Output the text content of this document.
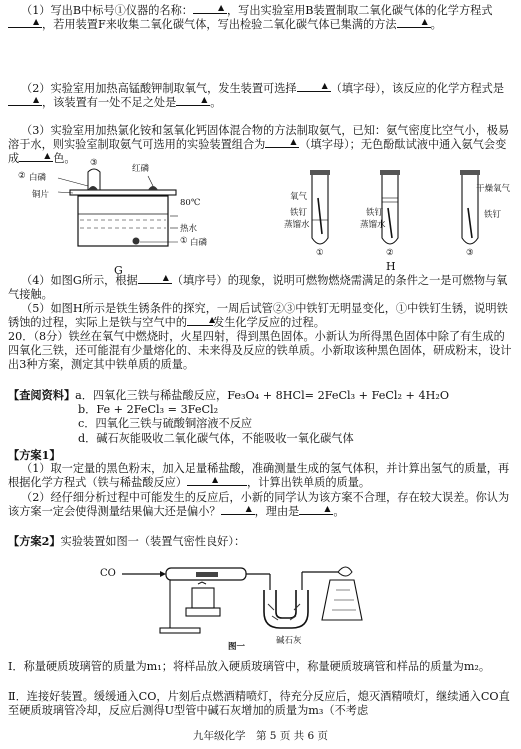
（1）写出B中标号①仪器的名称： ▲	，写出实验室用B装置制取二氧化碳气体的化学方程式▲，若用装置F来收集二氧化碳气体，写出检验二氧化碳气体已集满的方法 ▲	。

（2）实验室用加热高锰酸钾制取氧气，发生装置可选择 ▲	（填字母），该反应的化学方程式是▲，该装置有一处不足之处是 ▲	。

（3）实验室用加热氯化铵和氢氧化钙固体混合物的方法制取氨气，已知：氨气密度比空气小，极易溶于水，则实验室制取氨气可选用的实验装置组合为 ▲	（填字母）；无色酚酞试液中通入氨气会变成 ▲	色。	③
红磷
② 白磷
铜片
80℃
热水
① 白磷
G
氧气
铁钉
蒸馏水
铁钉
蒸馏水
干燥氧气
铁钉
①	②	③
H

（4）如图G所示，根据 ▲	（填序号）的现象，说明可燃物燃烧需满足的条件之一是可燃物与氧气接触。

（5）如图H所示是铁生锈条件的探究，一周后试管②③中铁钉无明显变化，①中铁钉生锈，说明铁锈蚀的过程，实际上是铁与空气中的 ▲ 发生化学反应的过程。

20．（8分）铁丝在氧气中燃烧时，火星四射，得到黑色固体。小新认为所得黑色固体中除了有生成的四氧化三铁，还可能混有少量熔化的、未来得及反应的铁单质。小新取该种黑色固体，研成粉末，设计出3种方案，测定其中铁单质的质量。

【查阅资料】a．四氧化三铁与稀盐酸反应，Fe₃O₄ + 8HCl= 2FeCl₃ + FeCl₂ + 4H₂O
b．Fe + 2FeCl₃ = 3FeCl₂
c．四氧化三铁与硫酸铜溶液不反应
d．碱石灰能吸收二氧化碳气体，不能吸收一氧化碳气体
【方案1】
（1）取一定量的黑色粉末，加入足量稀盐酸，准确测量生成的氢气体积，并计算出氢气的质量，再根据化学方程式（铁与稀盐酸反应） ▲	，计算出铁单质的质量。
（2）经仔细分析过程中可能发生的反应后，小新的同学认为该方案不合理，存在较大误差。你认为该方案一定会使得测量结果偏大还是偏小？ ▲	，理由是 ▲	。
【方案2】实验装置如图一（装置气密性良好）：
CO
碱石灰
图一

Ⅰ．称量硬质玻璃管的质量为m₁；将样品放入硬质玻璃管中，称量硬质玻璃管和样品的质量为m₂。

Ⅱ．连接好装置。缓缓通入CO，片刻后点燃酒精喷灯，待充分反应后，熄灭酒精喷灯，继续通入CO直至硬质玻璃管冷却，反应后测得U型管中碱石灰增加的质量为m₃（不考虑

九年级化学　第 5 页 共 6 页
